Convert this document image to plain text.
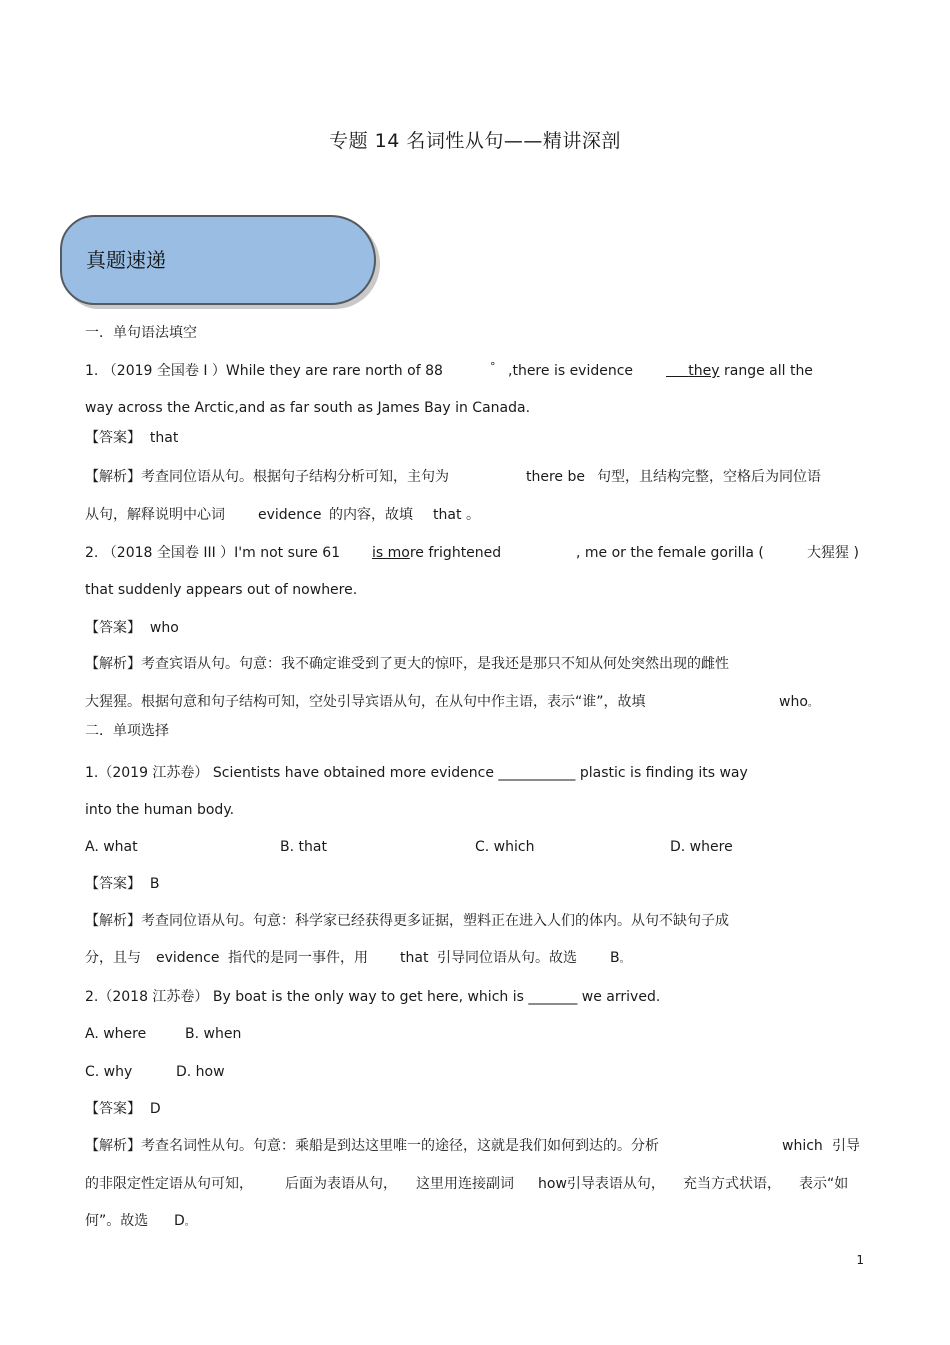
专题 14 名词性从句——精讲深剖
真题速递
一．单句语法填空
1. （2019 全国卷 I ）While they are rare north of 88	° ,there is evidence	they range all the
way across the Arctic,and as far south as James Bay in Canada.
【答案】 that
【解析】考查同位语从句。根据句子结构分析可知，主句为	there be 句型，且结构完整，空格后为同位语
从句，解释说明中心词 evidence 的内容，故填 that 。
2. （2018 全国卷 III ）I'm not sure 61 is more frightened	, me or the female gorilla (	大猩猩 )
that suddenly appears out of nowhere.
【答案】 who
【解析】考查宾语从句。句意：我不确定谁受到了更大的惊吓，是我还是那只不知从何处突然出现的雌性
大猩猩。根据句意和句子结构可知，空处引导宾语从句，在从句中作主语，表示“谁”，故填	who。
二．单项选择
1.（2019 江苏卷） Scientists have obtained more evidence ___________ plastic is finding its way
into the human body.
A. what	B. that	C. which	D. where
【答案】 B
【解析】考查同位语从句。句意：科学家已经获得更多证据，塑料正在进入人们的体内。从句不缺句子成
分，且与 evidence 指代的是同一事件，用 that 引导同位语从句。故选 B。
2.（2018 江苏卷） By boat is the only way to get here, which is _______ we arrived.
A. where	B. when
C. why	D. how
【答案】 D
【解析】考查名词性从句。句意：乘船是到达这里唯一的途径，这就是我们如何到达的。分析	which 引导
的非限定性定语从句可知， 后面为表语从句， 这里用连接副词 how引导表语从句， 充当方式状语， 表示“如
何”。故选 D。
1
